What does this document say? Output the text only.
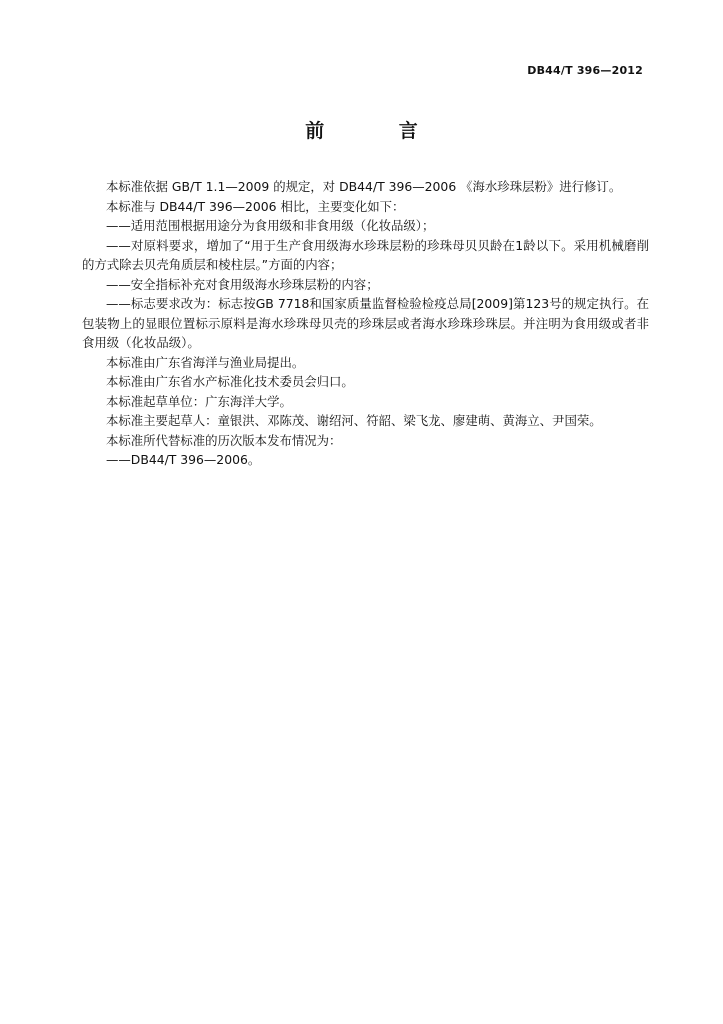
DB44/T 396—2012
前 言

本标准依据 GB/T 1.1—2009 的规定，对 DB44/T 396—2006 《海水珍珠层粉》进行修订。

本标准与 DB44/T 396—2006 相比，主要变化如下：

——适用范围根据用途分为食用级和非食用级（化妆品级）；

——对原料要求，增加了“用于生产食用级海水珍珠层粉的珍珠母贝贝龄在1龄以下。采用机械磨削的方式除去贝壳角质层和棱柱层。”方面的内容；

——安全指标补充对食用级海水珍珠层粉的内容；

——标志要求改为：标志按GB 7718和国家质量监督检验检疫总局[2009]第123号的规定执行。在包装物上的显眼位置标示原料是海水珍珠母贝壳的珍珠层或者海水珍珠珍珠层。并注明为食用级或者非食用级（化妆品级）。

本标准由广东省海洋与渔业局提出。

本标准由广东省水产标准化技术委员会归口。

本标准起草单位：广东海洋大学。

本标准主要起草人：童银洪、邓陈茂、谢绍河、符韶、梁飞龙、廖建萌、黄海立、尹国荣。

本标准所代替标准的历次版本发布情况为：

——DB44/T 396—2006。
